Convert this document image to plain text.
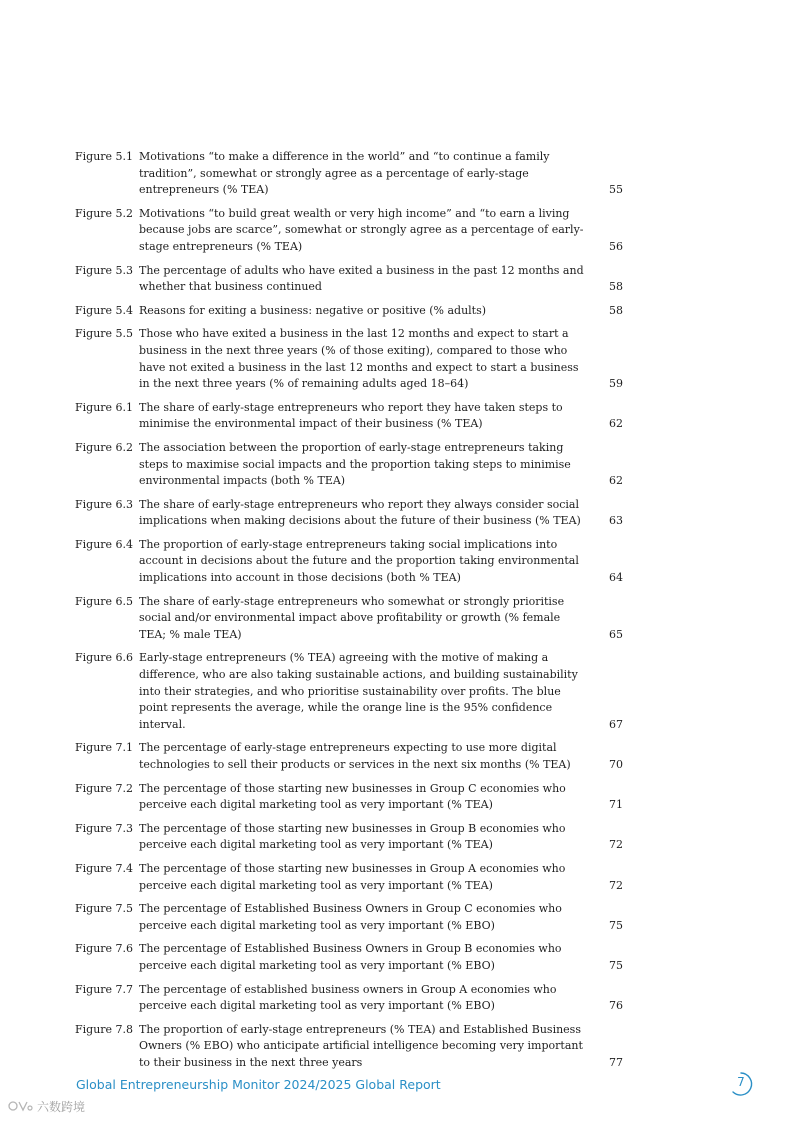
Figure 5.1 Motivations “to make a difference in the world” and “to continue a family tradition”, somewhat or strongly agree as a percentage of early-stage entrepreneurs (% TEA)	55
Figure 5.2 Motivations “to build great wealth or very high income” and “to earn a living because jobs are scarce”, somewhat or strongly agree as a percentage of early-stage entrepreneurs (% TEA)	56
Figure 5.3 The percentage of adults who have exited a business in the past 12 months and whether that business continued	58
Figure 5.4 Reasons for exiting a business: negative or positive (% adults)	58
Figure 5.5 Those who have exited a business in the last 12 months and expect to start a business in the next three years (% of those exiting), compared to those who have not exited a business in the last 12 months and expect to start a business in the next three years (% of remaining adults aged 18–64)	59
Figure 6.1 The share of early-stage entrepreneurs who report they have taken steps to minimise the environmental impact of their business (% TEA)	62
Figure 6.2 The association between the proportion of early-stage entrepreneurs taking steps to maximise social impacts and the proportion taking steps to minimise environmental impacts (both % TEA)	62
Figure 6.3 The share of early-stage entrepreneurs who report they always consider social implications when making decisions about the future of their business (% TEA)	63
Figure 6.4 The proportion of early-stage entrepreneurs taking social implications into account in decisions about the future and the proportion taking environmental implications into account in those decisions (both % TEA)	64
Figure 6.5 The share of early-stage entrepreneurs who somewhat or strongly prioritise social and/or environmental impact above profitability or growth (% female TEA; % male TEA)	65
Figure 6.6 Early-stage entrepreneurs (% TEA) agreeing with the motive of making a difference, who are also taking sustainable actions, and building sustainability into their strategies, and who prioritise sustainability over profits. The blue point represents the average, while the orange line is the 95% confidence interval.	67
Figure 7.1 The percentage of early-stage entrepreneurs expecting to use more digital technologies to sell their products or services in the next six months (% TEA)	70
Figure 7.2 The percentage of those starting new businesses in Group C economies who perceive each digital marketing tool as very important (% TEA)	71
Figure 7.3 The percentage of those starting new businesses in Group B economies who perceive each digital marketing tool as very important (% TEA)	72
Figure 7.4 The percentage of those starting new businesses in Group A economies who perceive each digital marketing tool as very important (% TEA)	72
Figure 7.5 The percentage of Established Business Owners in Group C economies who perceive each digital marketing tool as very important (% EBO)	75
Figure 7.6 The percentage of Established Business Owners in Group B economies who perceive each digital marketing tool as very important (% EBO)	75
Figure 7.7 The percentage of established business owners in Group A economies who perceive each digital marketing tool as very important (% EBO)	76
Figure 7.8 The proportion of early-stage entrepreneurs (% TEA) and Established Business Owners (% EBO) who anticipate artificial intelligence becoming very important to their business in the next three years	77
Global Entrepreneurship Monitor 2024/2025 Global Report	7
六数跨境
